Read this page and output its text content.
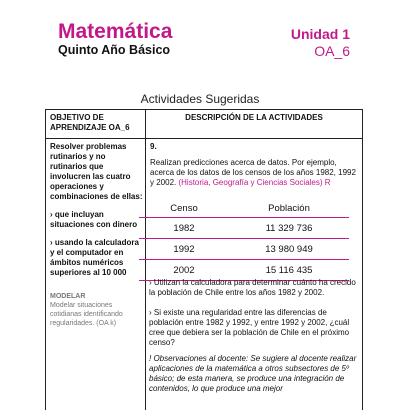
Matemática
Quinto Año Básico
Unidad 1
OA_6
Actividades Sugeridas
OBJETIVO DE APRENDIZAJE OA_6
DESCRIPCIÓN DE LA ACTIVIDADES

Resolver problemas rutinarios y no rutinarios que involucren las cuatro operaciones y combinaciones de ellas:

› que incluyan situaciones con dinero

› usando la calculadora y el computador en ámbitos numéricos superiores al 10 000

MODELAR
Modelar situaciones cotidianas identificando regularidades. (OA k)
9.
Realizan predicciones acerca de datos. Por ejemplo, acerca de los datos de los censos de los años 1982, 1992 y 2002. (Historia, Geografía y Ciencias Sociales) R
Censo	Población
1982	11 329 736
1992	13 980 949
2002	15 116 435
› Utilizan la calculadora para determinar cuánto ha crecido la población de Chile entre los años 1982 y 2002.
› Si existe una regularidad entre las diferencias de población entre 1982 y 1992, y entre 1992 y 2002, ¿cuál cree que debiera ser la población de Chile en el próximo censo?
! Observaciones al docente: Se sugiere al docente realizar aplicaciones de la matemática a otros subsectores de 5º básico; de esta manera, se produce una integración de contenidos, lo que produce una mejor
